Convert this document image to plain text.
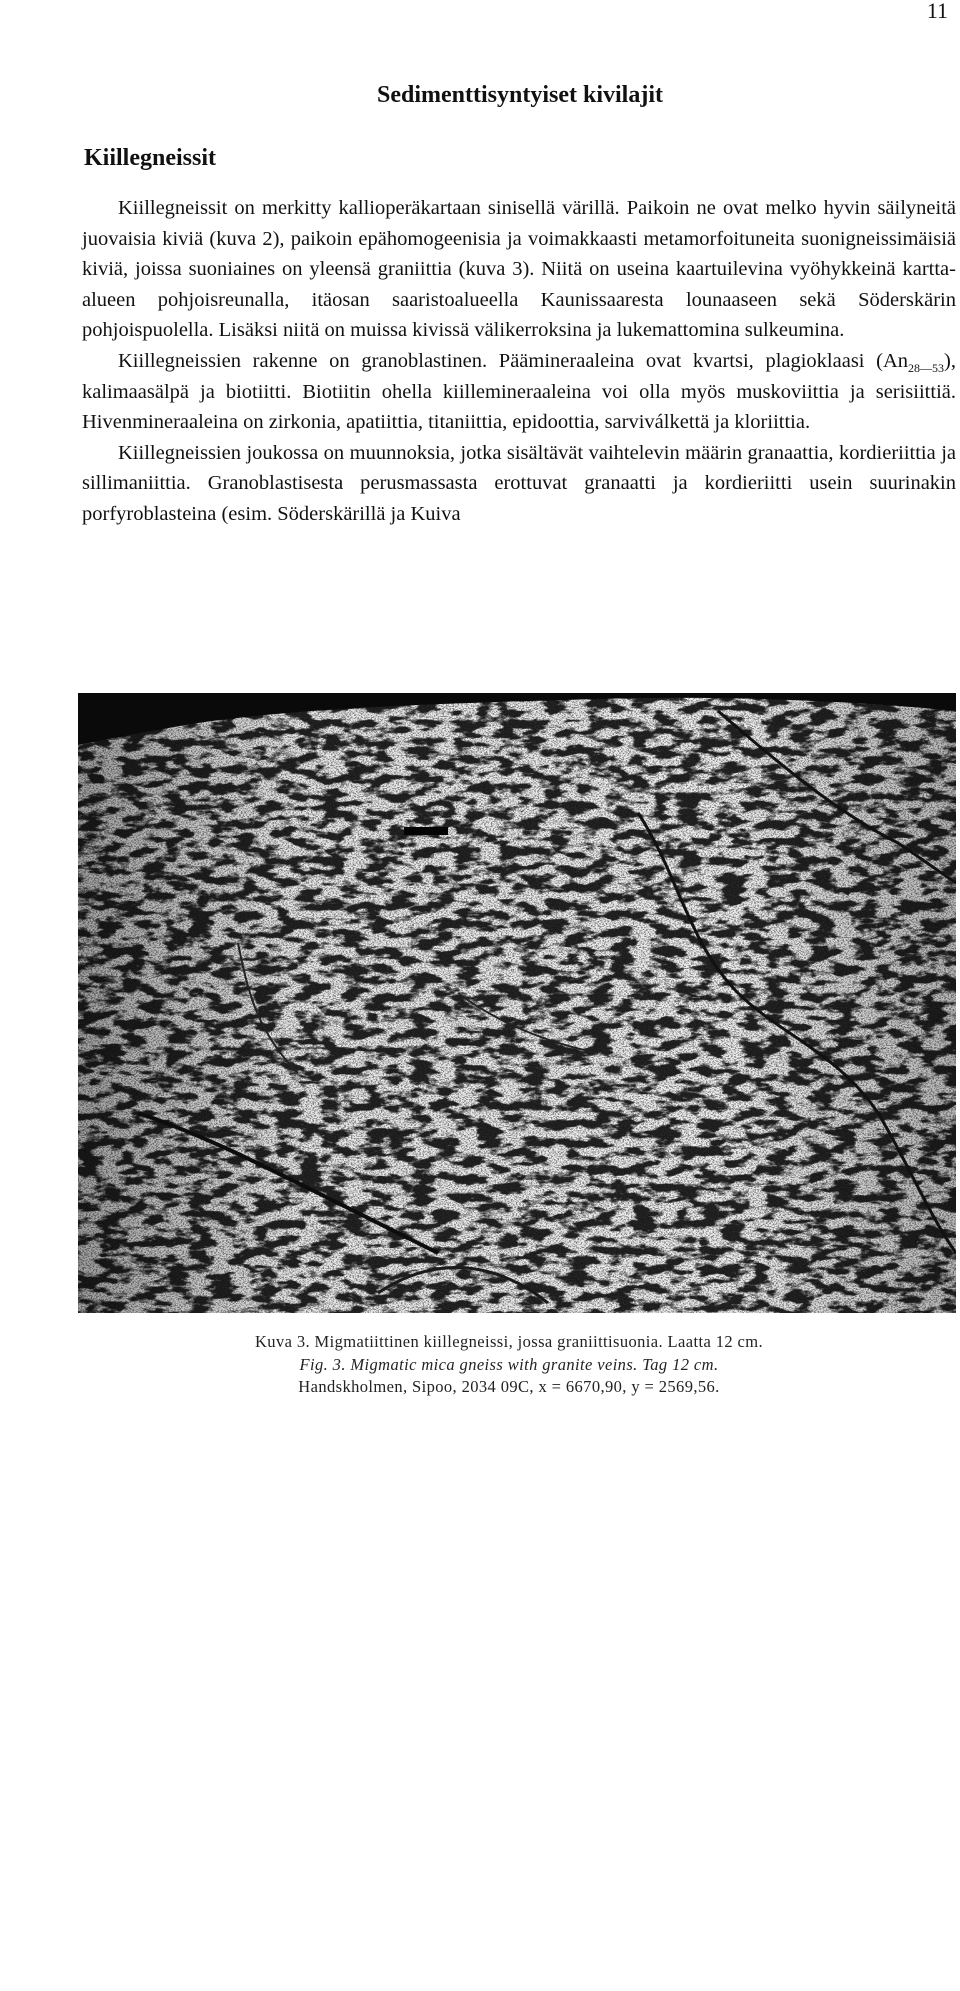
11
Sedimenttisyntyiset kivilajit
Kiillegneissit

Kiillegneissit on merkitty kallioperäkartaan sinisellä värillä. Paikoin ne ovat melko hyvin säilyneitä juovaisia kiviä (kuva 2), paikoin epähomogeenisia ja voimakkaasti metamorfoituneita suonigneissimäisiä kiviä, joissa suoniaines on yleensä graniittia (kuva 3). Niitä on useina kaartuilevina vyöhykkeinä kartta-alueen pohjoisreunalla, itäosan saaristoalueella Kaunissaaresta lounaaseen sekä Söderskärin pohjoispuolella. Lisäksi niitä on muissa kivissä välikerroksina ja lukemattomina sulkeumina.

Kiillegneissien rakenne on granoblastinen. Päämineraaleina ovat kvartsi, plagioklaasi $(An_{28—53})$, kalimaasälpä ja biotiitti. Biotiitin ohella kiillemineraaleina voi olla myös muskoviittia ja serisiittiä. Hivenmineraaleina on zirkonia, apatiittia, titaniittia, epidoottia, sarviválkettä ja kloriittia.

Kiillegneissien joukossa on muunnoksia, jotka sisältävät vaihtelevin määrin granaattia, kordieriittia ja sillimaniittia. Granoblastisesta perusmassasta erottuvat granaatti ja kordieriitti usein suurinakin porfyroblasteina (esim. Söderskärillä ja Kuiva

Kuva 3. Migmatiittinen kiillegneissi, jossa graniittisuonia. Laatta 12 cm.
Fig. 3. Migmatic mica gneiss with granite veins. Tag 12 cm.
Handskholmen, Sipoo, 2034 09C, x = 6670,90, y = 2569,56.
